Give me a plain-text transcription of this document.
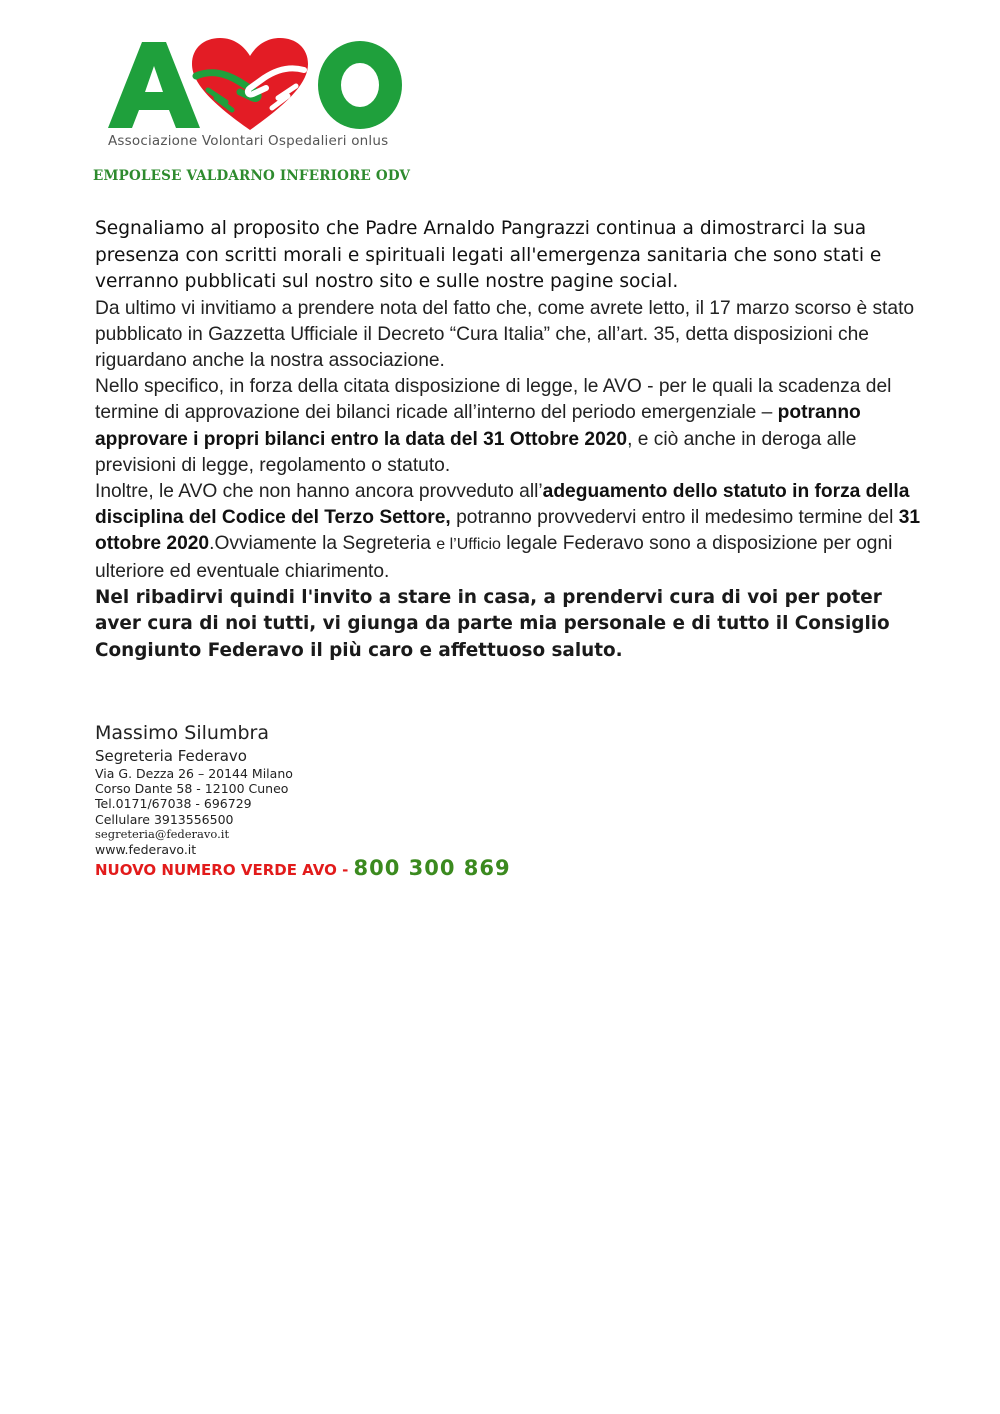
Associazione Volontari Ospedalieri onlus
EMPOLESE VALDARNO INFERIORE ODV

Segnaliamo al proposito che Padre Arnaldo Pangrazzi continua a dimostrarci la sua presenza con scritti morali e spirituali legati all'emergenza sanitaria che sono stati e verranno pubblicati sul nostro sito e sulle nostre pagine social.

Da ultimo vi invitiamo a prendere nota del fatto che, come avrete letto, il 17 marzo scorso è stato pubblicato in Gazzetta Ufficiale il Decreto “Cura Italia” che, all’art. 35, detta disposizioni che riguardano anche la nostra associazione.

Nello specifico, in forza della citata disposizione di legge, le AVO - per le quali la scadenza del termine di approvazione dei bilanci ricade all’interno del periodo emergenziale – potranno approvare i propri bilanci entro la data del 31 Ottobre 2020, e ciò anche in deroga alle previsioni di legge, regolamento o statuto.

Inoltre, le AVO che non hanno ancora provveduto all’adeguamento dello statuto in forza della disciplina del Codice del Terzo Settore, potranno provvedervi entro il medesimo termine del 31 ottobre 2020.Ovviamente la Segreteria e l’Ufficio legale Federavo sono a disposizione per ogni ulteriore ed eventuale chiarimento.

Nel ribadirvi quindi l'invito a stare in casa, a prendervi cura di voi per poter aver cura di noi tutti, vi giunga da parte mia personale e di tutto il Consiglio Congiunto Federavo il più caro e affettuoso saluto.

Massimo Silumbra
Segreteria Federavo
Via G. Dezza 26 – 20144 Milano
Corso Dante 58 - 12100 Cuneo
Tel.0171/67038 - 696729
Cellulare 3913556500
segreteria@federavo.it
www.federavo.it
NUOVO NUMERO VERDE AVO - 800 300 869
